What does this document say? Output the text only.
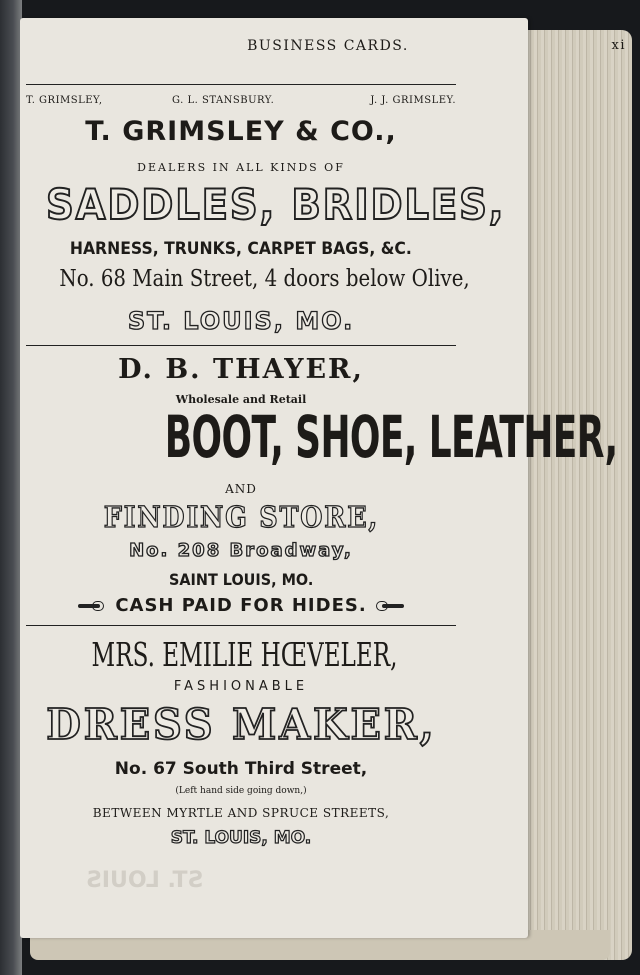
ST. LOUIS
BUSINESS CARDS.	xi
T. GRIMSLEY,	G. L. STANSBURY.	J. J. GRIMSLEY.
T. GRIMSLEY & CO.,
DEALERS IN ALL KINDS OF
SADDLES, BRIDLES,
HARNESS, TRUNKS, CARPET BAGS, &C.
No. 68 Main Street, 4 doors below Olive,
ST. LOUIS, MO.
D. B. THAYER,
Wholesale and Retail
BOOT, SHOE, LEATHER,
AND
FINDING STORE,
No. 208 Broadway,
SAINT LOUIS, MO.
CASH PAID FOR HIDES.
MRS. EMILIE HŒVELER,
FASHIONABLE
DRESS MAKER,
No. 67 South Third Street,
(Left hand side going down,)
BETWEEN MYRTLE AND SPRUCE STREETS,
ST. LOUIS, MO.
